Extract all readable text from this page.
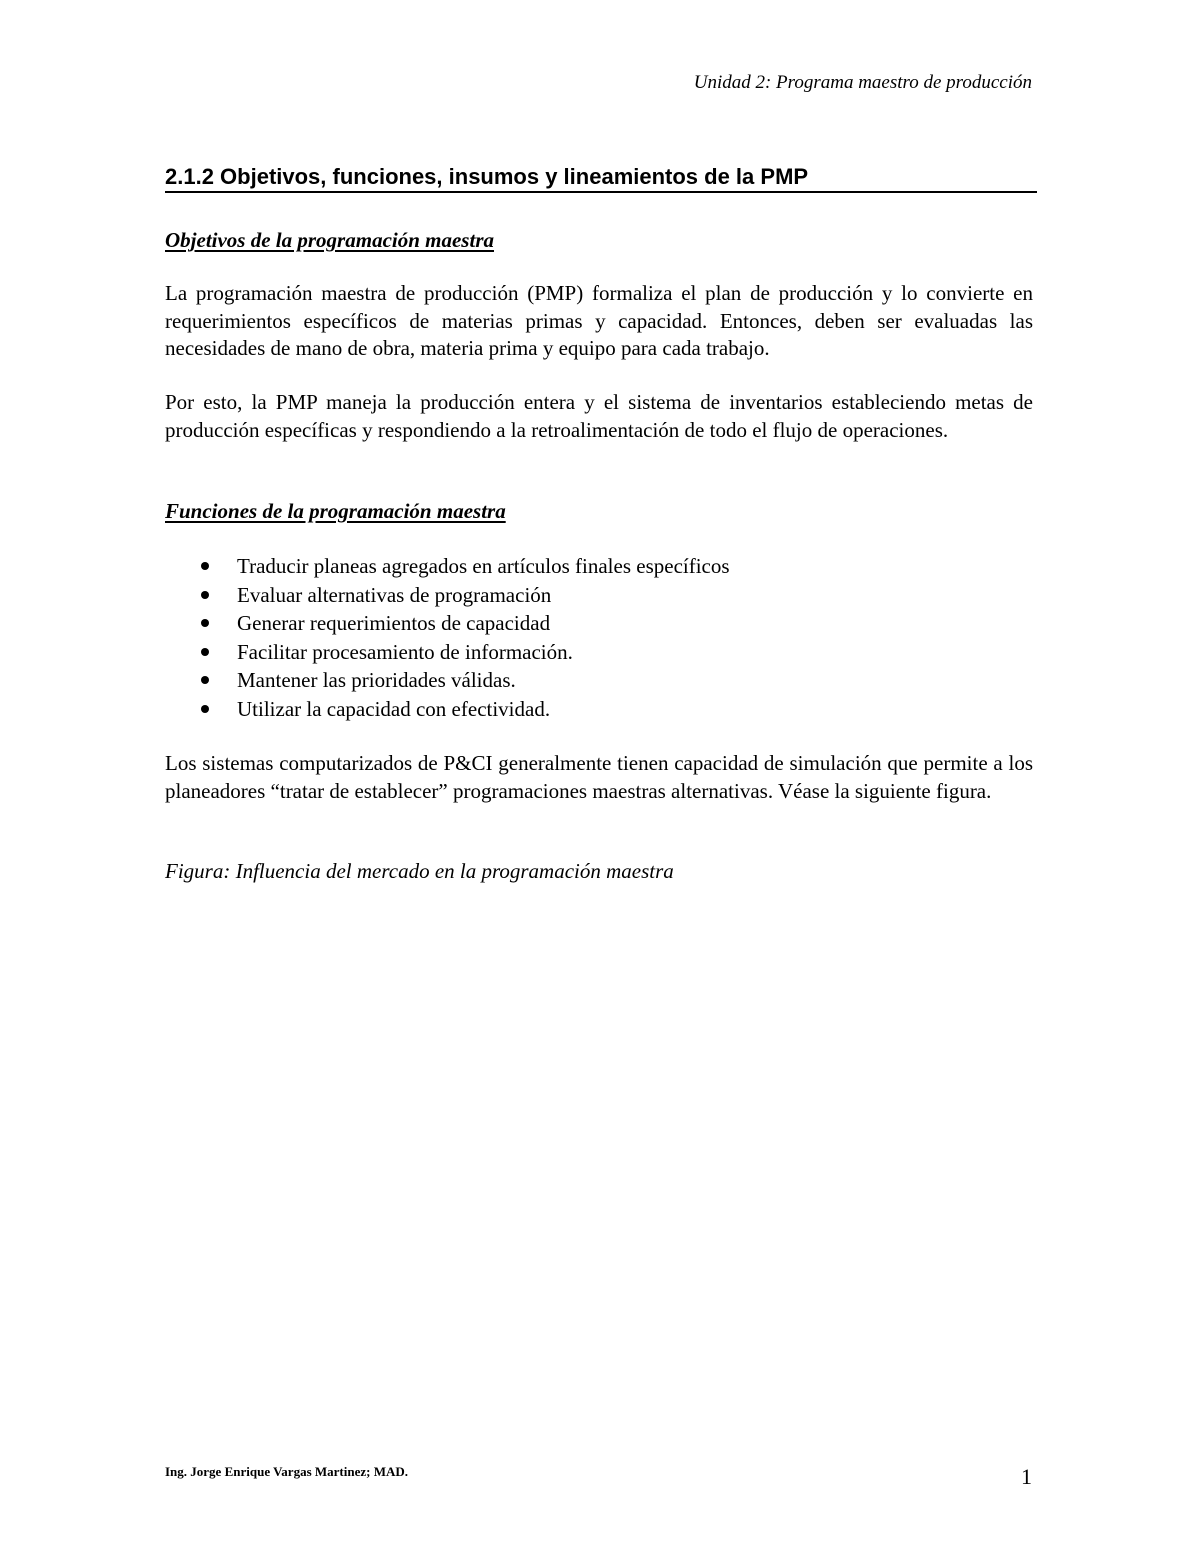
Unidad 2: Programa maestro de producción
2.1.2 Objetivos, funciones, insumos y lineamientos de la PMP
Objetivos de la programación maestra

La programación maestra de producción (PMP) formaliza el plan de producción y lo convierte en requerimientos específicos de materias primas y capacidad. Entonces, deben ser evaluadas las necesidades de mano de obra, materia prima y equipo para cada trabajo.

Por esto, la PMP maneja la producción entera y el sistema de inventarios estableciendo metas de producción específicas y respondiendo a la retroalimentación de todo el flujo de operaciones.

Funciones de la programación maestra
Traducir planeas agregados en artículos finales específicos
Evaluar alternativas de programación
Generar requerimientos de capacidad
Facilitar procesamiento de información.
Mantener las prioridades válidas.
Utilizar la capacidad con efectividad.

Los sistemas computarizados de P&CI generalmente tienen capacidad de simulación que permite a los planeadores “tratar de establecer” programaciones maestras alternativas. Véase la siguiente figura.

Figura: Influencia del mercado en la programación maestra
Ing. Jorge Enrique Vargas Martinez; MAD.	1
